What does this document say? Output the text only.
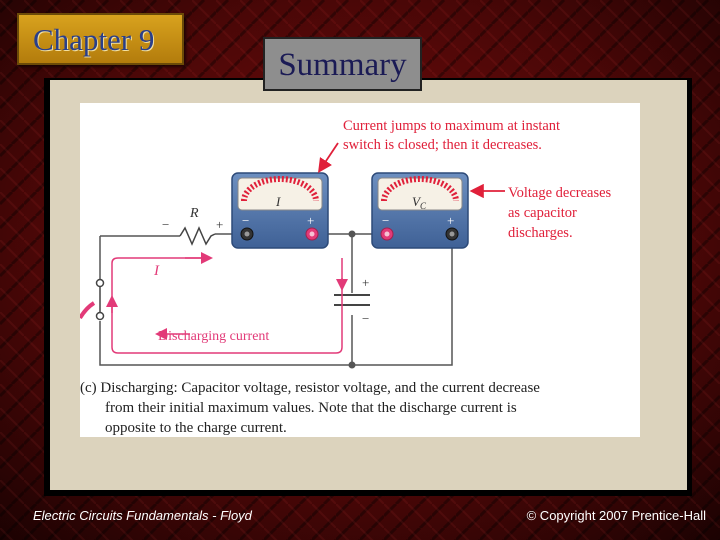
Chapter 9
Summary
R
−	+
+
−
I
Discharging current
I
−	+
$V_C$
−	+
Current jumps to maximum at instant switch is closed; then it decreases.
Voltage decreases as capacitor discharges.
(c) Discharging: Capacitor voltage, resistor voltage, and the current decrease from their initial maximum values. Note that the discharge current is opposite to the charge current.
Electric Circuits Fundamentals - Floyd	© Copyright 2007 Prentice-Hall
